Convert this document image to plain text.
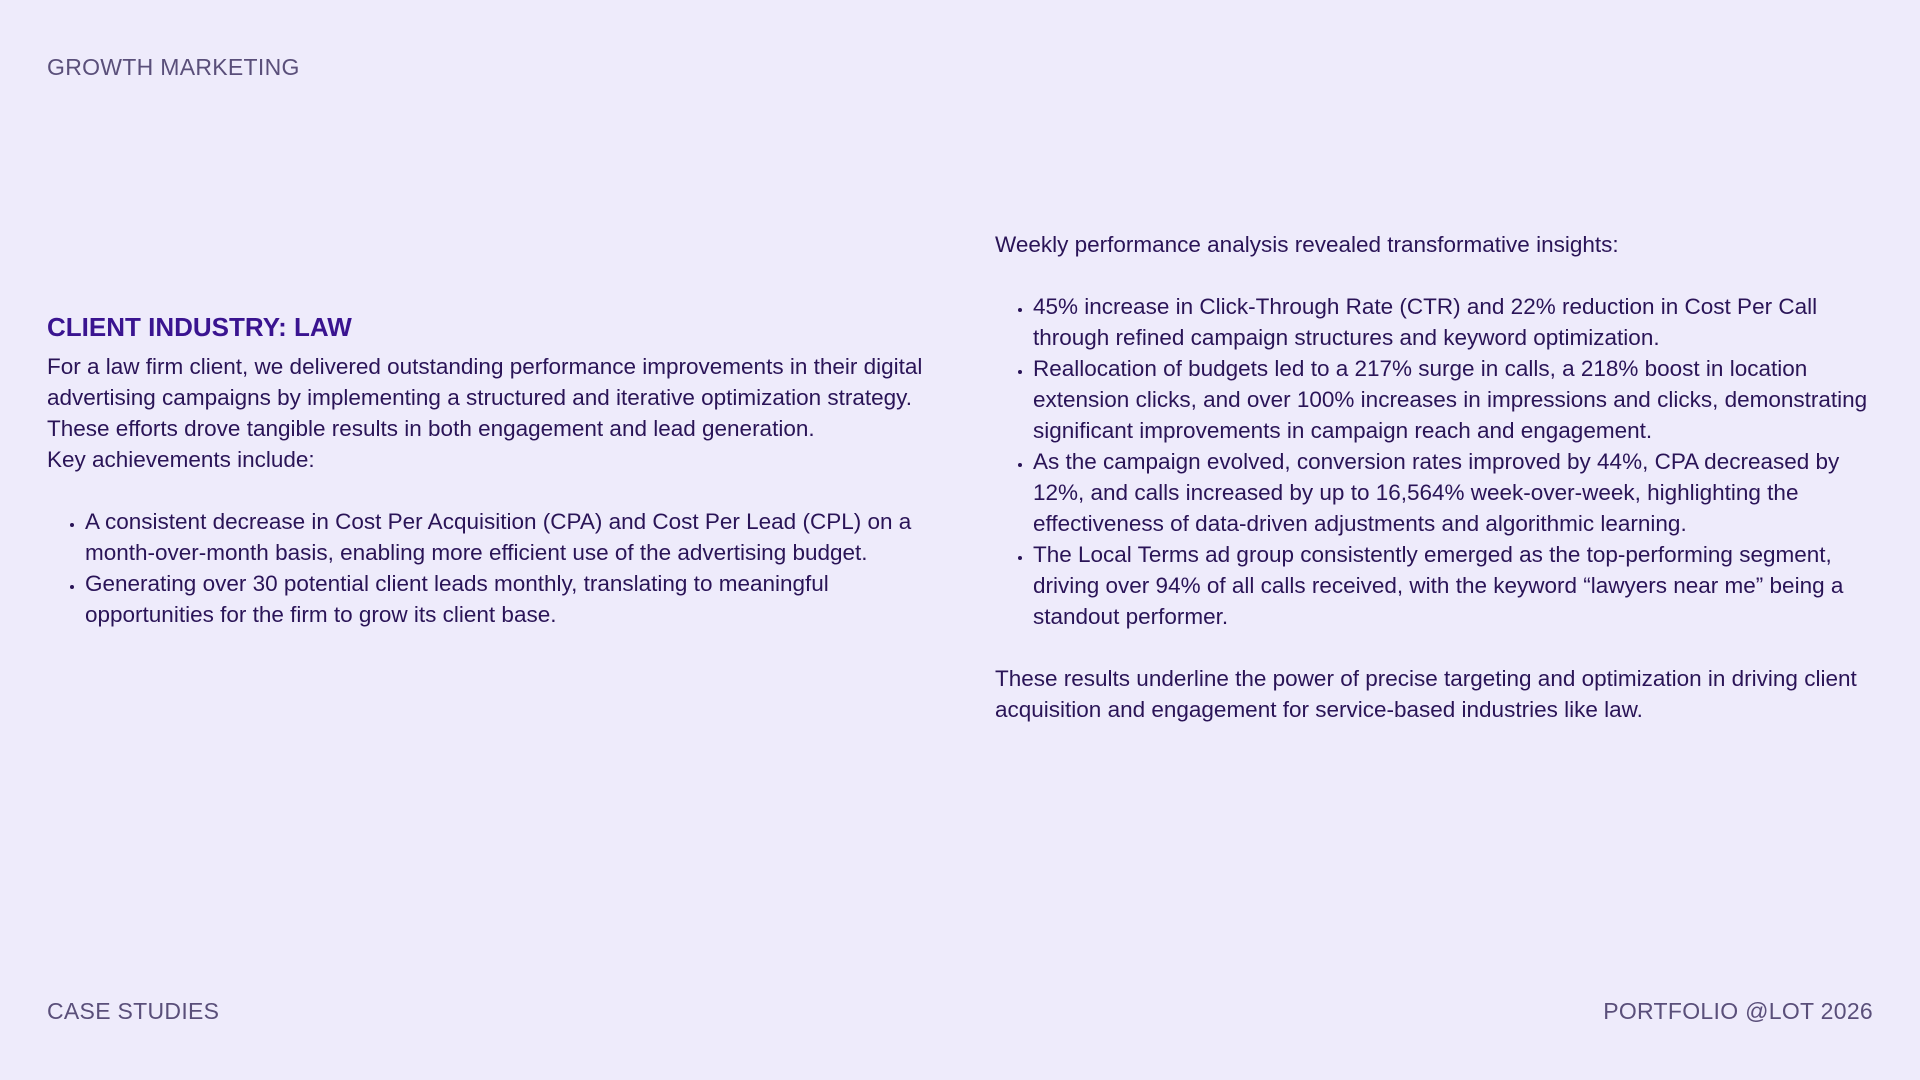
GROWTH MARKETING
CLIENT INDUSTRY: LAW

For a law firm client, we delivered outstanding performance improvements in their digital advertising campaigns by implementing a structured and iterative optimization strategy. These efforts drove tangible results in both engagement and lead generation.

Key achievements include:

• A consistent decrease in Cost Per Acquisition (CPA) and Cost Per Lead (CPL) on a month-over-month basis, enabling more efficient use of the advertising budget.
• Generating over 30 potential client leads monthly, translating to meaningful opportunities for the firm to grow its client base.

Weekly performance analysis revealed transformative insights:

• 45% increase in Click-Through Rate (CTR) and 22% reduction in Cost Per Call through refined campaign structures and keyword optimization.
• Reallocation of budgets led to a 217% surge in calls, a 218% boost in location extension clicks, and over 100% increases in impressions and clicks, demonstrating significant improvements in campaign reach and engagement.
• As the campaign evolved, conversion rates improved by 44%, CPA decreased by 12%, and calls increased by up to 16,564% week-over-week, highlighting the effectiveness of data-driven adjustments and algorithmic learning.
• The Local Terms ad group consistently emerged as the top-performing segment, driving over 94% of all calls received, with the keyword “lawyers near me” being a standout performer.

These results underline the power of precise targeting and optimization in driving client acquisition and engagement for service-based industries like law.

CASE STUDIES	PORTFOLIO @LOT 2026
